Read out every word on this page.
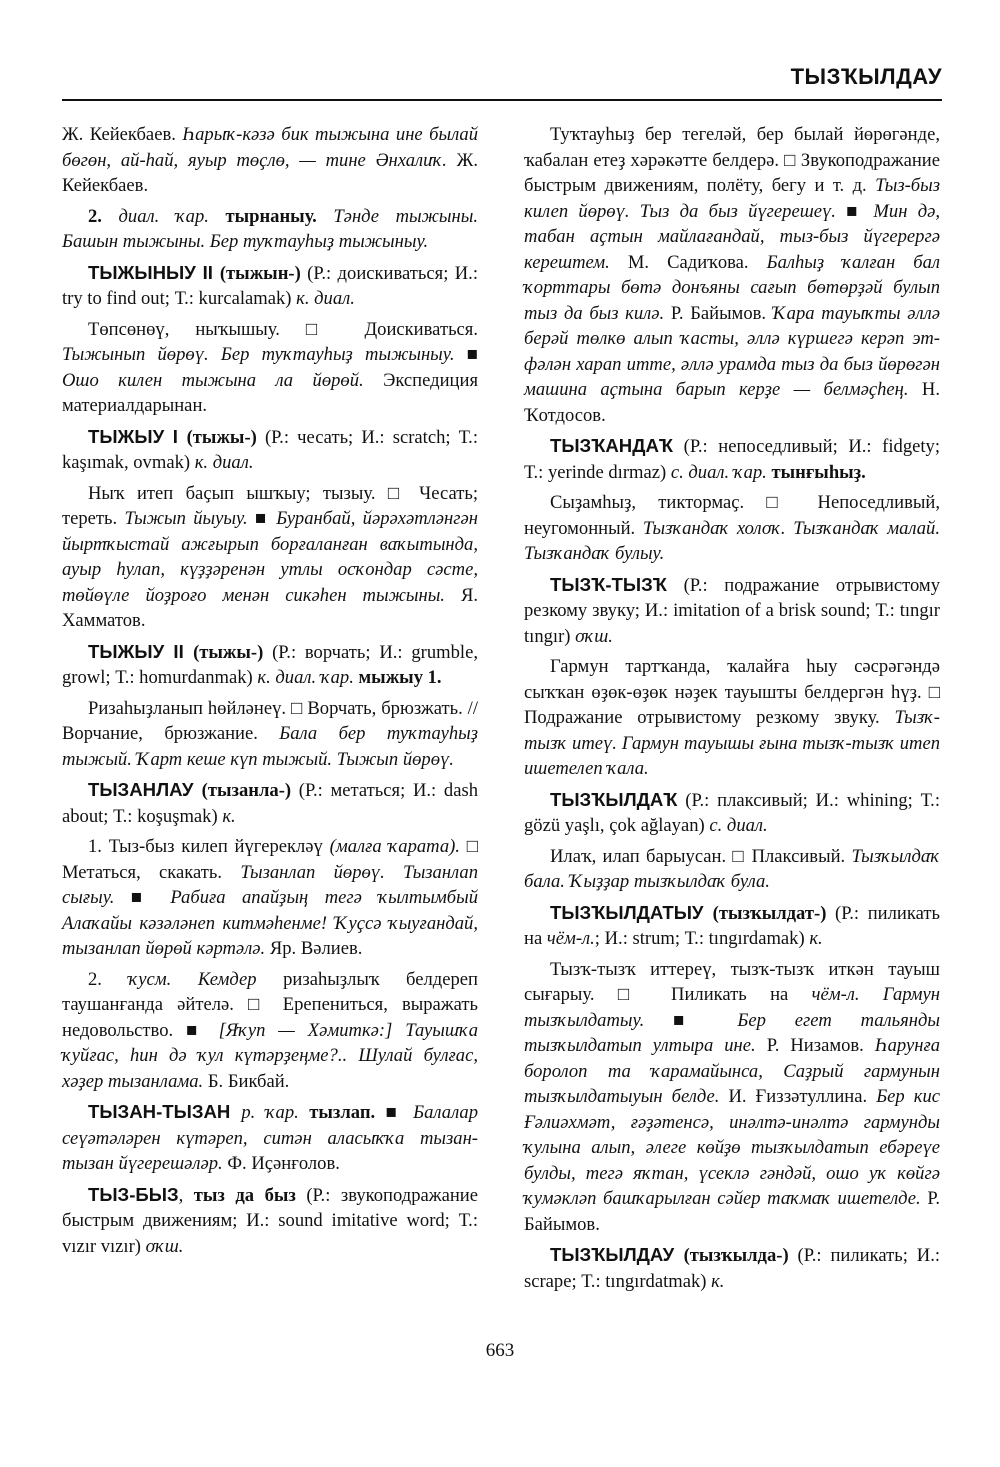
ТЫЗҠЫЛДАУ

Ж. Кейекбаев. Һарыҡ-кәзә бик тыжына ине былай бөгөн, ай-һай, яуыр төҫлө, — тине Әнхалиҡ. Ж. Кейекбаев.

2. диал. ҡар. тырнаныу. Тәнде тыжыны. Башын тыжыны. Бер туҡтауһыҙ тыжыныу.

ТЫЖЫНЫУ II (тыжын-) (Р.: доискиваться; И.: try to find out; Т.: kurcalamak) к. диал.

Төпсөнөү, ныҡышыу. □ Доискиваться. Тыжынып йөрөү. Бер туҡтауһыҙ тыжыныу. ■ Ошо килен тыжына ла йөрөй. Экспедиция материалдарынан.

ТЫЖЫУ I (тыжы-) (Р.: чесать; И.: scratch; Т.: kaşımak, ovmak) к. диал.

Ныҡ итеп баҫып ышҡыу; тызыу. □ Чесать; тереть. Тыжып йыуыу. ■ Буранбай, йәрәхәтләнгән йыртҡыстай ажғырып борғаланған ваҡытында, ауыр һулап, күҙҙәренән утлы осҡондар сәсте, төйөүле йоҙроғо менән сикәһен тыжыны. Я. Хамматов.

ТЫЖЫУ II (тыжы-) (Р.: ворчать; И.: grumble, growl; Т.: homurdanmak) к. диал. ҡар. мыжыу 1.

Ризаһыҙланып һөйләнеү. □ Ворчать, брюзжать. // Ворчание, брюзжание. Бала бер туҡтауһыҙ тыжый. Ҡарт кеше күп тыжый. Тыжып йөрөү.

ТЫЗАНЛАУ (тызанла-) (Р.: метаться; И.: dash about; Т.: koşuşmak) к.

1. Тыз-быз килеп йүгерекләү (малға ҡарата). □ Метаться, скакать. Тызанлап йөрөү. Тызанлап сығыу. ■ Рабиға апайҙың тегә ҡылтымбый Алаҡайы кәзәләнеп китмәһенме! Ҡуҫсә ҡыуғандай, тызанлап йөрөй кәртәлә. Яр. Вәлиев.

2. ҡусм. Кемдер ризаһыҙлыҡ белдереп таушанғанда әйтелә. □ Ерепениться, выражать недовольство. ■ [Яҡуп — Хәмиткә:] Тауышҡа ҡуйғас, һин дә ҡул күтәрҙеңме?.. Шулай булғас, хәҙер тызанлама. Б. Бикбай.

ТЫЗАН-ТЫЗАН р. ҡар. тызлап. ■ Балалар сеүәтәләрен күтәреп, ситән аласыҡҡа тызан-тызан йүгерешәләр. Ф. Иҫәнғолов.

ТЫЗ-БЫЗ, тыз да быз (Р.: звукоподражание быстрым движениям; И.: sound imitative word; Т.: vızır vızır) оҡш.

Туҡтауһыҙ бер тегеләй, бер былай йөрөгәнде, ҡабалан етеҙ хәрәкәтте белдерә. □ Звукоподражание быстрым движениям, полёту, бегу и т. д. Тыз-быз килеп йөрөү. Тыз да быз йүгерешеү. ■ Мин дә, табан аҫтын майлағандай, тыз-быз йүгерергә керештем. М. Садиҡова. Балһыҙ ҡалған бал ҡорттары бөтә донъяны сағып бөтөрҙәй булып тыз да быз килә. Р. Байымов. Ҡара тауыҡты әллә берәй төлкө алып ҡасты, әллә күршегә керәп эт-фәлән харап итте, әллә урамда тыз да быз йөрөгән машина аҫтына барып керҙе — белмәҫһең. Н. Ҡотдосов.

ТЫЗҠАНДАҠ (Р.: непоседливый; И.: fidgety; Т.: yerinde dırmaz) с. диал. ҡар. тынғыһыҙ.

Сыҙамһыҙ, тиктормаҫ. □ Непоседливый, неугомонный. Тызҡандаҡ холоҡ. Тызҡандаҡ малай. Тызҡандаҡ булыу.

ТЫЗҠ-ТЫЗҠ (Р.: подражание отрывистому резкому звуку; И.: imitation of a brisk sound; Т.: tıngır tıngır) оҡш.

Гармун тартҡанда, ҡалайға һыу сәсрәгәндә сыҡҡан өҙөк-өҙөк нәҙек тауышты белдергән һүҙ. □ Подражание отрывистому резкому звуку. Тызҡ-тызҡ итеү. Гармун тауышы ғына тызҡ-тызҡ итеп ишетелеп ҡала.

ТЫЗҠЫЛДАҠ (Р.: плаксивый; И.: whining; Т.: gözü yaşlı, çok ağlayan) с. диал.

Илаҡ, илап барыусан. □ Плаксивый. Тызҡылдаҡ бала. Ҡыҙҙар тызҡылдаҡ була.

ТЫЗҠЫЛДАТЫУ (тызҡылдат-) (Р.: пиликать на чём-л.; И.: strum; Т.: tıngırdamak) к.

Тызҡ-тызҡ иттереү, тызҡ-тызҡ иткән тауыш сығарыу. □ Пиликать на чём-л. Гармун тызҡылдатыу. ■ Бер егет тальянды тызҡылдатып ултыра ине. Р. Низамов. Һарунға боролоп та ҡарамайынса, Саҙрый гармунын тызҡылдатыуын белде. И. Ғиззәтуллина. Бер кис Ғәлиәхмәт, ғәҙәтенсә, инәлтә-инәлтә гармунды ҡулына алып, әлеге көйҙө тызҡылдатып ебәреүе булды, тегә яҡтан, үсеклә гәндәй, ошо уҡ көйгә ҡумәкләп башҡарылған сәйер таҡмаҡ ишетелде. Р. Байымов.

ТЫЗҠЫЛДАУ (тызҡылда-) (Р.: пиликать; И.: scrape; Т.: tıngırdatmak) к.

663
